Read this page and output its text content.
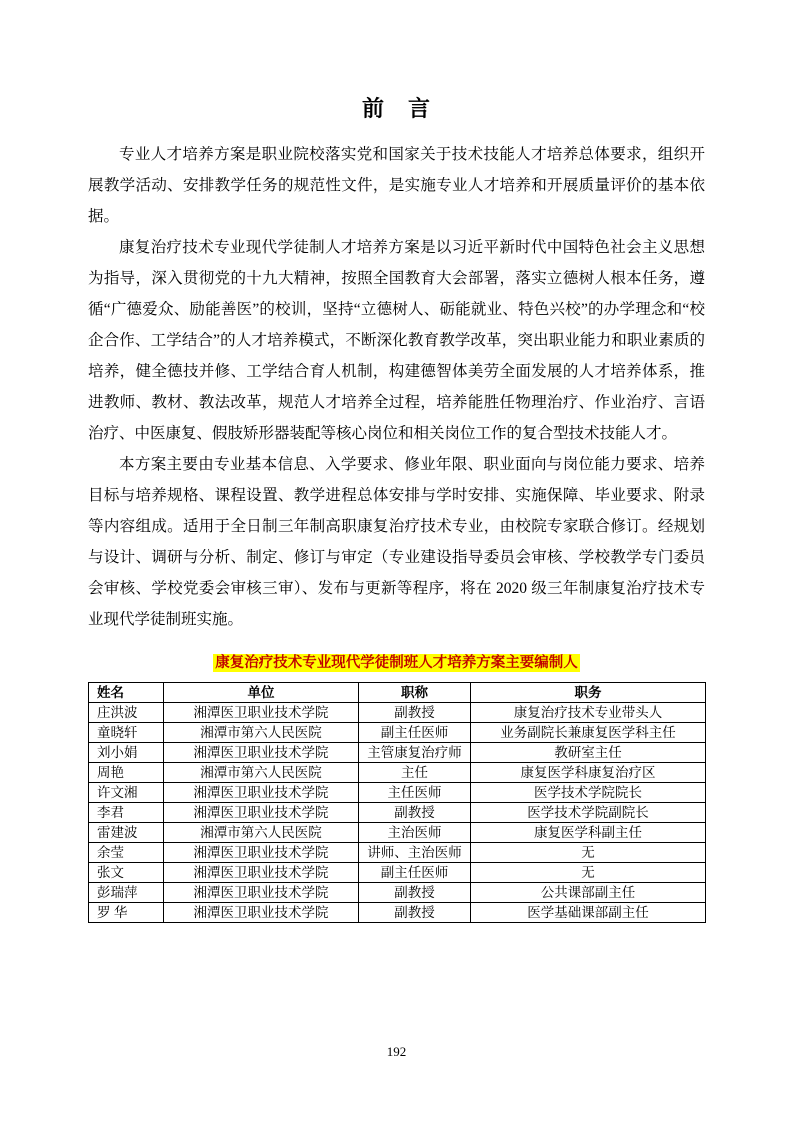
前　言

专业人才培养方案是职业院校落实党和国家关于技术技能人才培养总体要求，组织开展教学活动、安排教学任务的规范性文件，是实施专业人才培养和开展质量评价的基本依据。

康复治疗技术专业现代学徒制人才培养方案是以习近平新时代中国特色社会主义思想为指导，深入贯彻党的十九大精神，按照全国教育大会部署，落实立德树人根本任务，遵循“广德爱众、励能善医”的校训，坚持“立德树人、砺能就业、特色兴校”的办学理念和“校企合作、工学结合”的人才培养模式，不断深化教育教学改革，突出职业能力和职业素质的培养，健全德技并修、工学结合育人机制，构建德智体美劳全面发展的人才培养体系，推进教师、教材、教法改革，规范人才培养全过程，培养能胜任物理治疗、作业治疗、言语治疗、中医康复、假肢矫形器装配等核心岗位和相关岗位工作的复合型技术技能人才。

本方案主要由专业基本信息、入学要求、修业年限、职业面向与岗位能力要求、培养目标与培养规格、课程设置、教学进程总体安排与学时安排、实施保障、毕业要求、附录等内容组成。适用于全日制三年制高职康复治疗技术专业，由校院专家联合修订。经规划与设计、调研与分析、制定、修订与审定（专业建设指导委员会审核、学校教学专门委员会审核、学校党委会审核三审）、发布与更新等程序，将在 2020 级三年制康复治疗技术专业现代学徒制班实施。

康复治疗技术专业现代学徒制班人才培养方案主要编制人
姓名	单位	职称	职务
庄洪波	湘潭医卫职业技术学院	副教授	康复治疗技术专业带头人
童晓轩	湘潭市第六人民医院	副主任医师	业务副院长兼康复医学科主任
刘小娟	湘潭医卫职业技术学院	主管康复治疗师	教研室主任
周艳	湘潭市第六人民医院	主任	康复医学科康复治疗区
许文湘	湘潭医卫职业技术学院	主任医师	医学技术学院院长
李君	湘潭医卫职业技术学院	副教授	医学技术学院副院长
雷建波	湘潭市第六人民医院	主治医师	康复医学科副主任
余莹	湘潭医卫职业技术学院	讲师、主治医师	无
张文	湘潭医卫职业技术学院	副主任医师	无
彭瑞萍	湘潭医卫职业技术学院	副教授	公共课部副主任
罗 华	湘潭医卫职业技术学院	副教授	医学基础课部副主任
192
